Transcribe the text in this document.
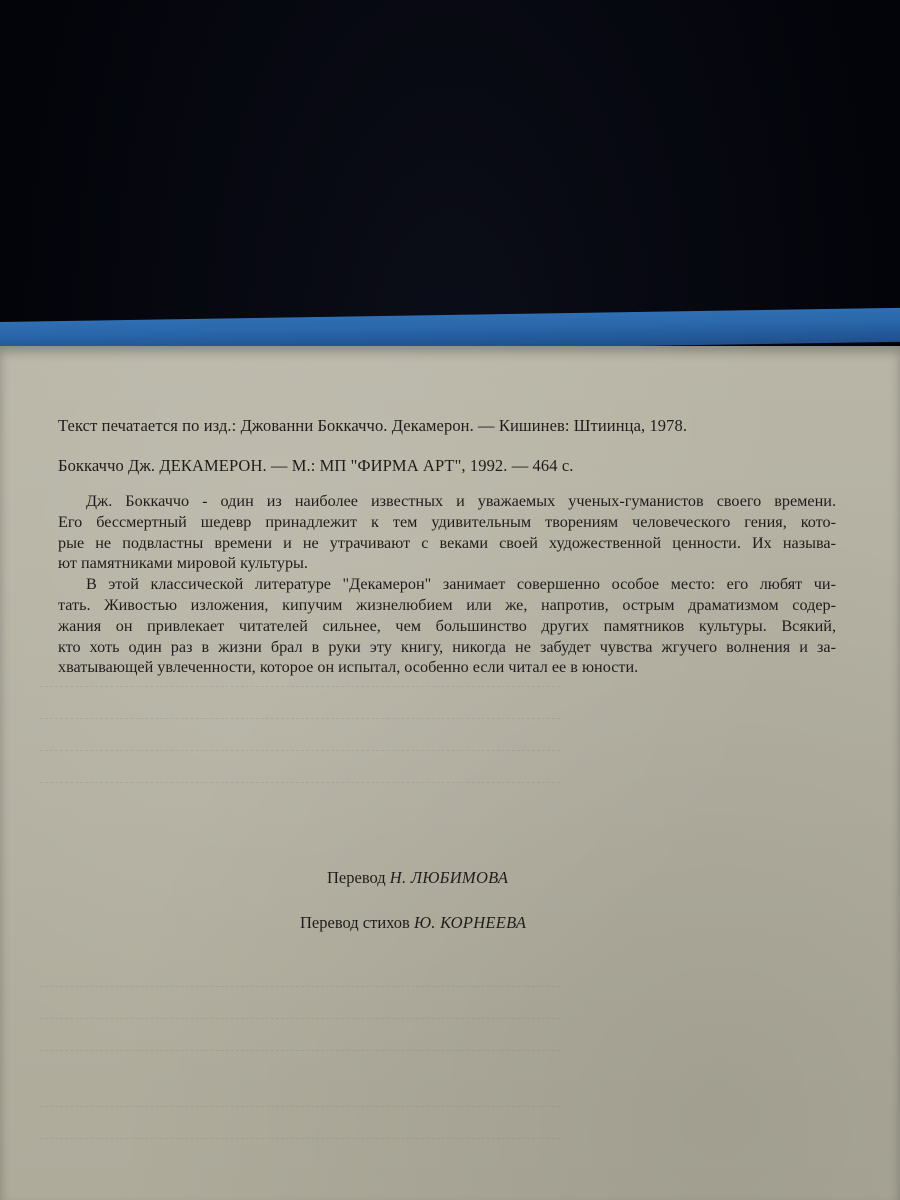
Текст печатается по изд.: Джованни Боккаччо. Декамерон. — Кишинев: Штиинца, 1978.
Боккаччо Дж. ДЕКАМЕРОН. — М.: МП "ФИРМА АРТ", 1992. — 464 с.

Дж. Боккаччо - один из наиболее известных и уважаемых ученых-гуманистов своего времени.
Его бессмертный шедевр принадлежит к тем удивительным творениям человеческого гения, кото-
рые не подвластны времени и не утрачивают с веками своей художественной ценности. Их называ-
ют памятниками мировой культуры.

В этой классической литературе "Декамерон" занимает совершенно особое место: его любят чи-
тать. Живостью изложения, кипучим жизнелюбием или же, напротив, острым драматизмом содер-
жания он привлекает читателей сильнее, чем большинство других памятников культуры. Всякий,
кто хоть один раз в жизни брал в руки эту книгу, никогда не забудет чувства жгучего волнения и за-
хватывающей увлеченности, которое он испытал, особенно если читал ее в юности.

Перевод Н. ЛЮБИМОВА
Перевод стихов Ю. КОРНЕЕВА
